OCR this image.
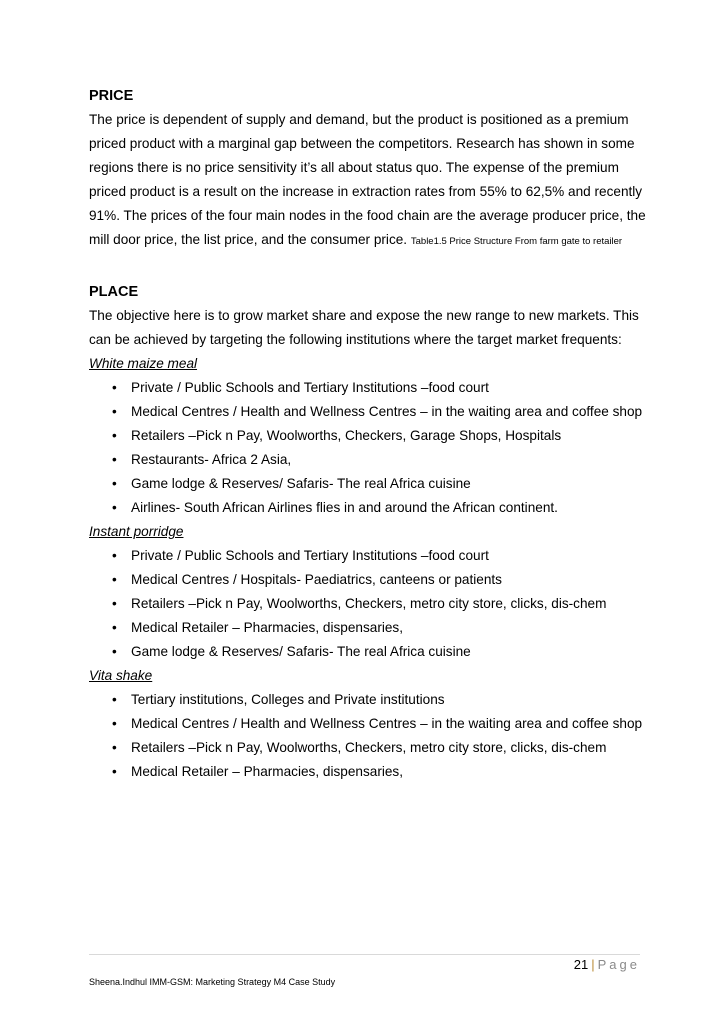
PRICE

The price is dependent of supply and demand, but the product is positioned as a premium priced product with a marginal gap between the competitors. Research has shown in some regions there is no price sensitivity it’s all about status quo. The expense of the premium priced product is a result on the increase in extraction rates from 55% to 62,5% and recently 91%. The prices of the four main nodes in the food chain are the average producer price, the mill door price, the list price, and the consumer price. Table1.5 Price Structure From farm gate to retailer

PLACE

The objective here is to grow market share and expose the new range to new markets. This can be achieved by targeting the following institutions where the target market frequents:

White maize meal
• Private / Public Schools and Tertiary Institutions –food court
• Medical Centres / Health and Wellness Centres – in the waiting area and coffee shop
• Retailers –Pick n Pay, Woolworths, Checkers, Garage Shops, Hospitals
• Restaurants- Africa 2 Asia,
• Game lodge & Reserves/ Safaris- The real Africa cuisine
• Airlines- South African Airlines flies in and around the African continent.
Instant porridge
• Private / Public Schools and Tertiary Institutions –food court
• Medical Centres / Hospitals- Paediatrics, canteens or patients
• Retailers –Pick n Pay, Woolworths, Checkers, metro city store, clicks, dis-chem
• Medical Retailer – Pharmacies, dispensaries,
• Game lodge & Reserves/ Safaris- The real Africa cuisine
Vita shake
• Tertiary institutions, Colleges and Private institutions
• Medical Centres / Health and Wellness Centres – in the waiting area and coffee shop
• Retailers –Pick n Pay, Woolworths, Checkers, metro city store, clicks, dis-chem
• Medical Retailer – Pharmacies, dispensaries,
21 | Page
Sheena.Indhul IMM-GSM: Marketing Strategy M4 Case Study
